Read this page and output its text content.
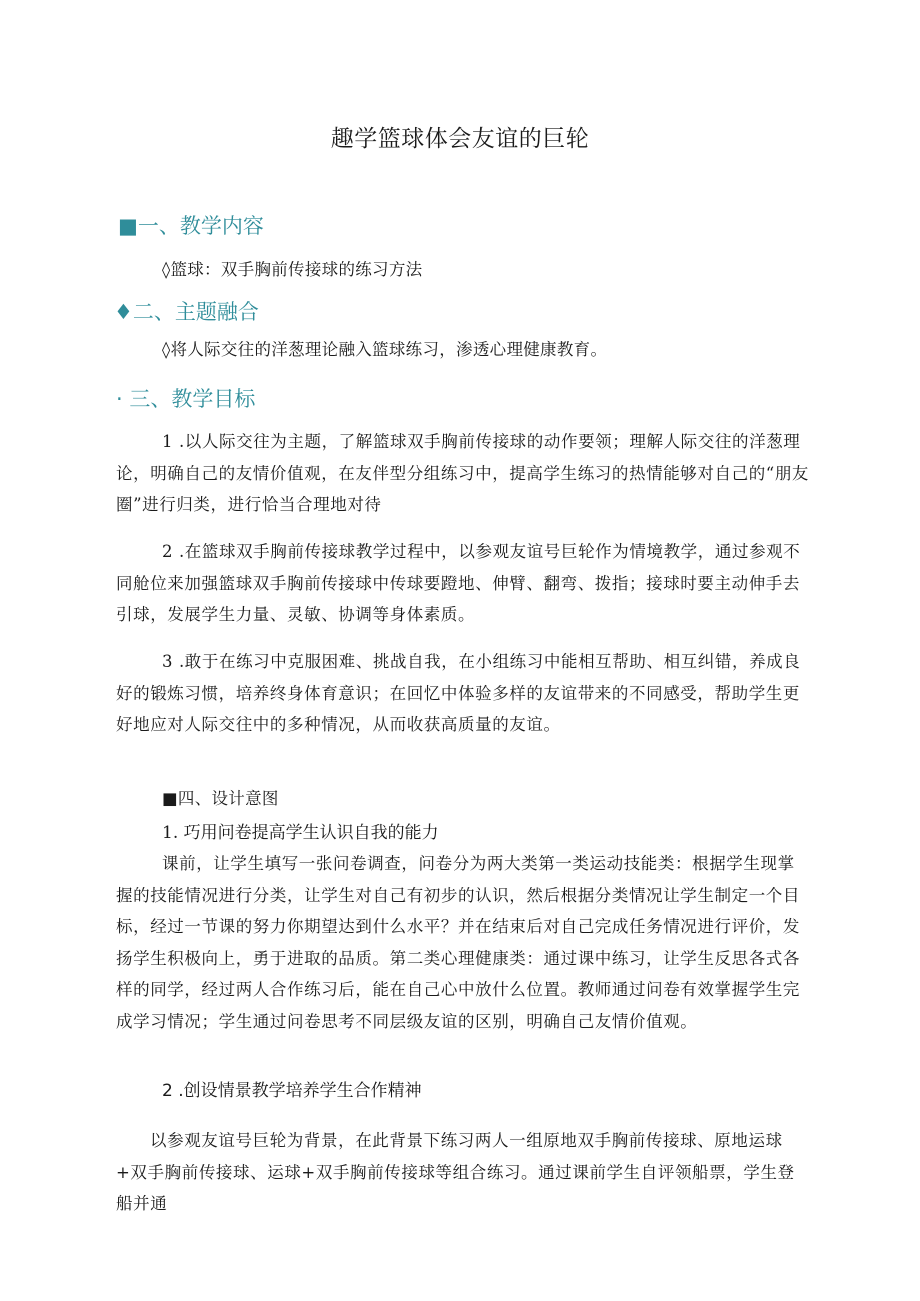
趣学篮球体会友谊的巨轮
■一、教学内容
◊篮球：双手胸前传接球的练习方法
♦二、主题融合
◊将人际交往的洋葱理论融入篮球练习，渗透心理健康教育。
· 三、教学目标
1 .以人际交往为主题，了解篮球双手胸前传接球的动作要领；理解人际交往的洋葱理论，明确自己的友情价值观，在友伴型分组练习中，提高学生练习的热情能够对自己的“朋友圈”进行归类，进行恰当合理地对待
2 .在篮球双手胸前传接球教学过程中，以参观友谊号巨轮作为情境教学，通过参观不同舱位来加强篮球双手胸前传接球中传球要蹬地、伸臂、翻弯、拨指；接球时要主动伸手去引球，发展学生力量、灵敏、协调等身体素质。
3 .敢于在练习中克服困难、挑战自我，在小组练习中能相互帮助、相互纠错，养成良好的锻炼习惯，培养终身体育意识；在回忆中体验多样的友谊带来的不同感受，帮助学生更好地应对人际交往中的多种情况，从而收获高质量的友谊。
■四、设计意图
1. 巧用问卷提高学生认识自我的能力
课前，让学生填写一张问卷调查，问卷分为两大类第一类运动技能类：根据学生现掌握的技能情况进行分类，让学生对自己有初步的认识，然后根据分类情况让学生制定一个目标，经过一节课的努力你期望达到什么水平？并在结束后对自己完成任务情况进行评价，发扬学生积极向上，勇于进取的品质。第二类心理健康类：通过课中练习，让学生反思各式各样的同学，经过两人合作练习后，能在自己心中放什么位置。教师通过问卷有效掌握学生完成学习情况；学生通过问卷思考不同层级友谊的区别，明确自己友情价值观。
2 .创设情景教学培养学生合作精神
以参观友谊号巨轮为背景，在此背景下练习两人一组原地双手胸前传接球、原地运球+双手胸前传接球、运球+双手胸前传接球等组合练习。通过课前学生自评领船票，学生登船并通
